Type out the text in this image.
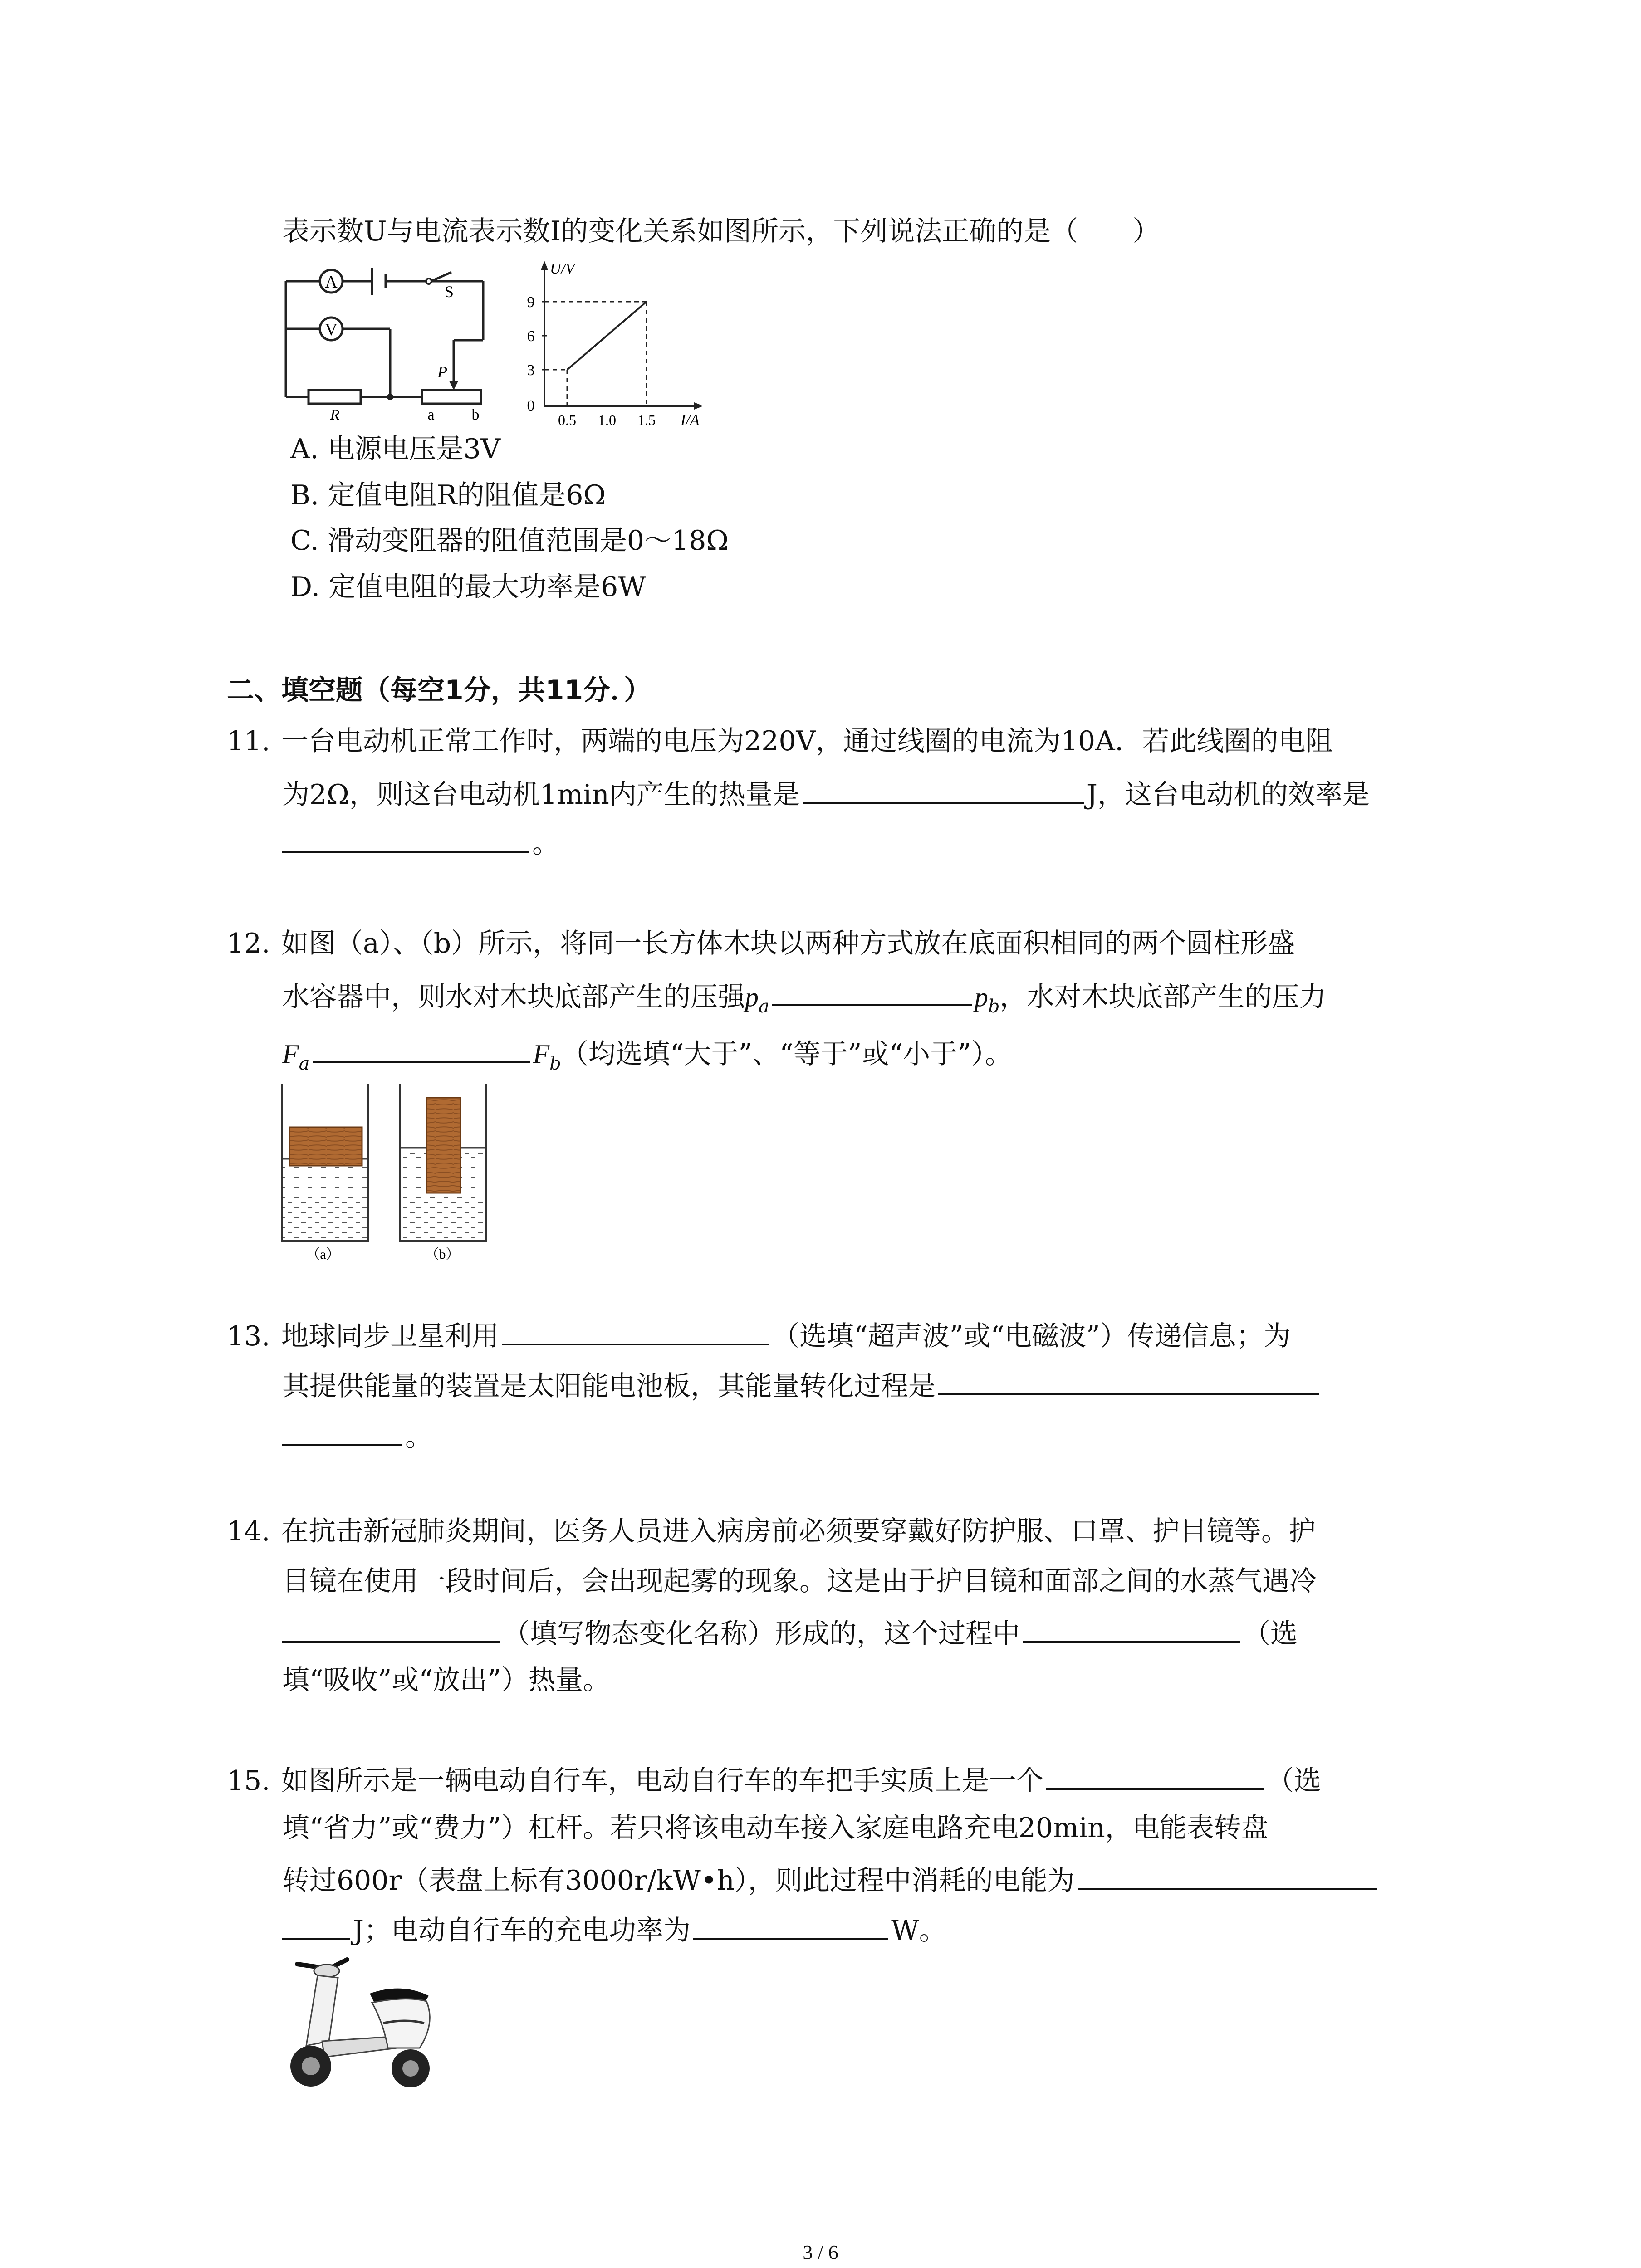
表示数U与电流表示数I的变化关系如图所示，下列说法正确的是（　　）
A
V
S
R
P
a b
U/V
9
6
3
0
0.5 1.0 1.5 I/A
A. 电源电压是3V
B. 定值电阻R的阻值是6Ω
C. 滑动变阻器的阻值范围是0～18Ω
D. 定值电阻的最大功率是6W
二、填空题（每空1分，共11分．）
11. 一台电动机正常工作时，两端的电压为220V，通过线圈的电流为10A．若此线圈的电阻
为2Ω，则这台电动机1min内产生的热量是	J，这台电动机的效率是
。
12. 如图（a）、（b）所示，将同一长方体木块以两种方式放在底面积相同的两个圆柱形盛
水容器中，则水对木块底部产生的压强$p_a$	$p_b$，水对木块底部产生的压力
$F_a$	$F_b$（均选填“大于”、“等于”或“小于”）。
（a）	（b）
13. 地球同步卫星利用	（选填“超声波”或“电磁波”）传递信息；为
其提供能量的装置是太阳能电池板，其能量转化过程是
。
14. 在抗击新冠肺炎期间，医务人员进入病房前必须要穿戴好防护服、口罩、护目镜等。护
目镜在使用一段时间后，会出现起雾的现象。这是由于护目镜和面部之间的水蒸气遇冷
（填写物态变化名称）形成的，这个过程中	（选
填“吸收”或“放出”）热量。
15. 如图所示是一辆电动自行车，电动自行车的车把手实质上是一个	（选
填“省力”或“费力”）杠杆。若只将该电动车接入家庭电路充电20min，电能表转盘
转过600r（表盘上标有3000r/kW•h），则此过程中消耗的电能为
J；电动自行车的充电功率为	W。
3 / 6
